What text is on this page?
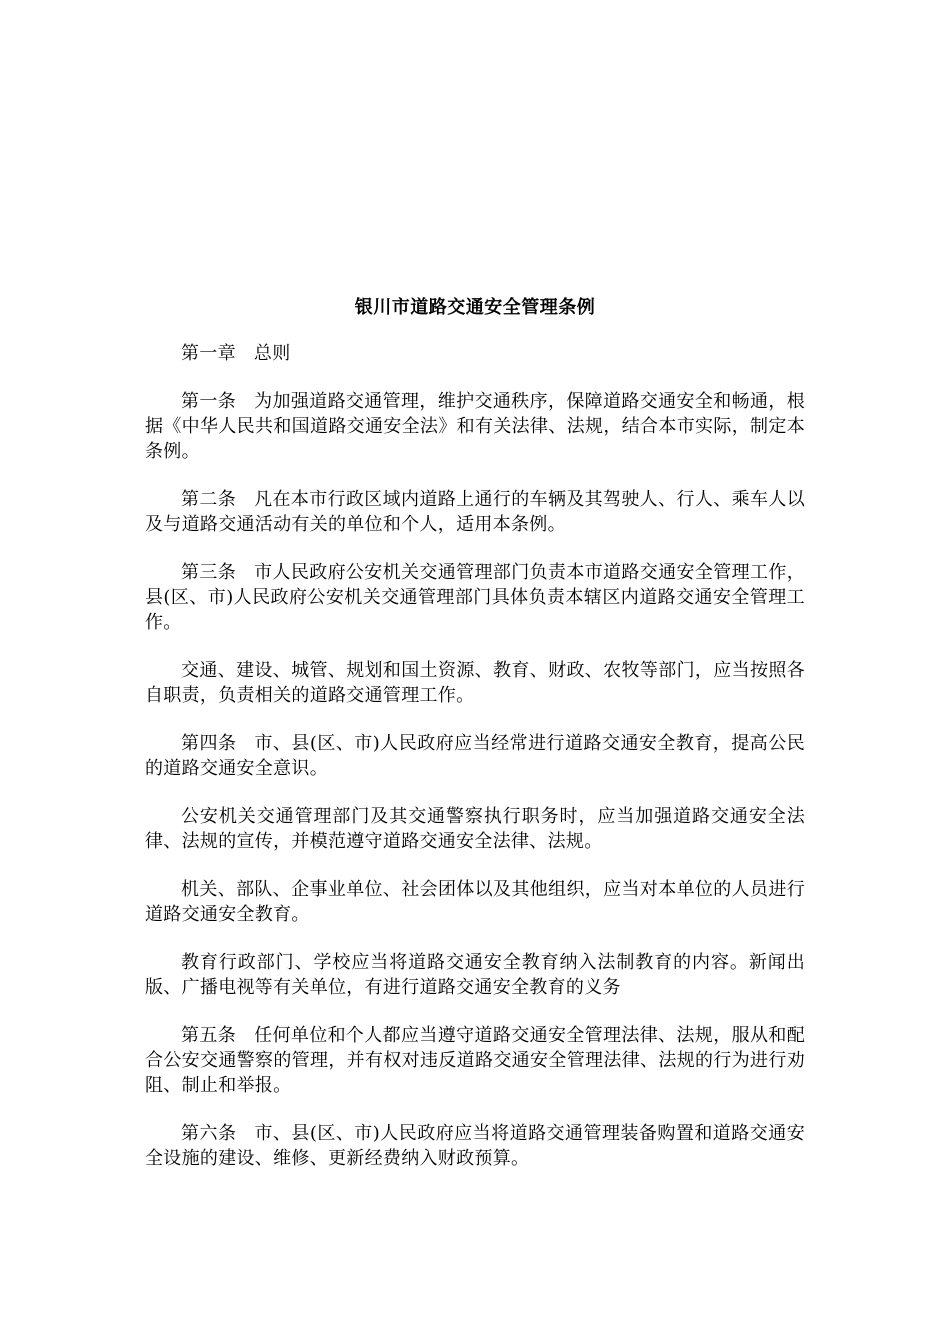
银川市道路交通安全管理条例

第一章 总则

第一条 为加强道路交通管理，维护交通秩序，保障道路交通安全和畅通，根据《中华人民共和国道路交通安全法》和有关法律、法规，结合本市实际，制定本条例。

第二条 凡在本市行政区域内道路上通行的车辆及其驾驶人、行人、乘车人以及与道路交通活动有关的单位和个人，适用本条例。

第三条 市人民政府公安机关交通管理部门负责本市道路交通安全管理工作，县(区、市)人民政府公安机关交通管理部门具体负责本辖区内道路交通安全管理工作。

交通、建设、城管、规划和国土资源、教育、财政、农牧等部门，应当按照各自职责，负责相关的道路交通管理工作。

第四条 市、县(区、市)人民政府应当经常进行道路交通安全教育，提高公民的道路交通安全意识。

公安机关交通管理部门及其交通警察执行职务时，应当加强道路交通安全法律、法规的宣传，并模范遵守道路交通安全法律、法规。

机关、部队、企事业单位、社会团体以及其他组织，应当对本单位的人员进行道路交通安全教育。

教育行政部门、学校应当将道路交通安全教育纳入法制教育的内容。新闻出版、广播电视等有关单位，有进行道路交通安全教育的义务

第五条 任何单位和个人都应当遵守道路交通安全管理法律、法规，服从和配合公安交通警察的管理，并有权对违反道路交通安全管理法律、法规的行为进行劝阻、制止和举报。

第六条 市、县(区、市)人民政府应当将道路交通管理装备购置和道路交通安全设施的建设、维修、更新经费纳入财政预算。
